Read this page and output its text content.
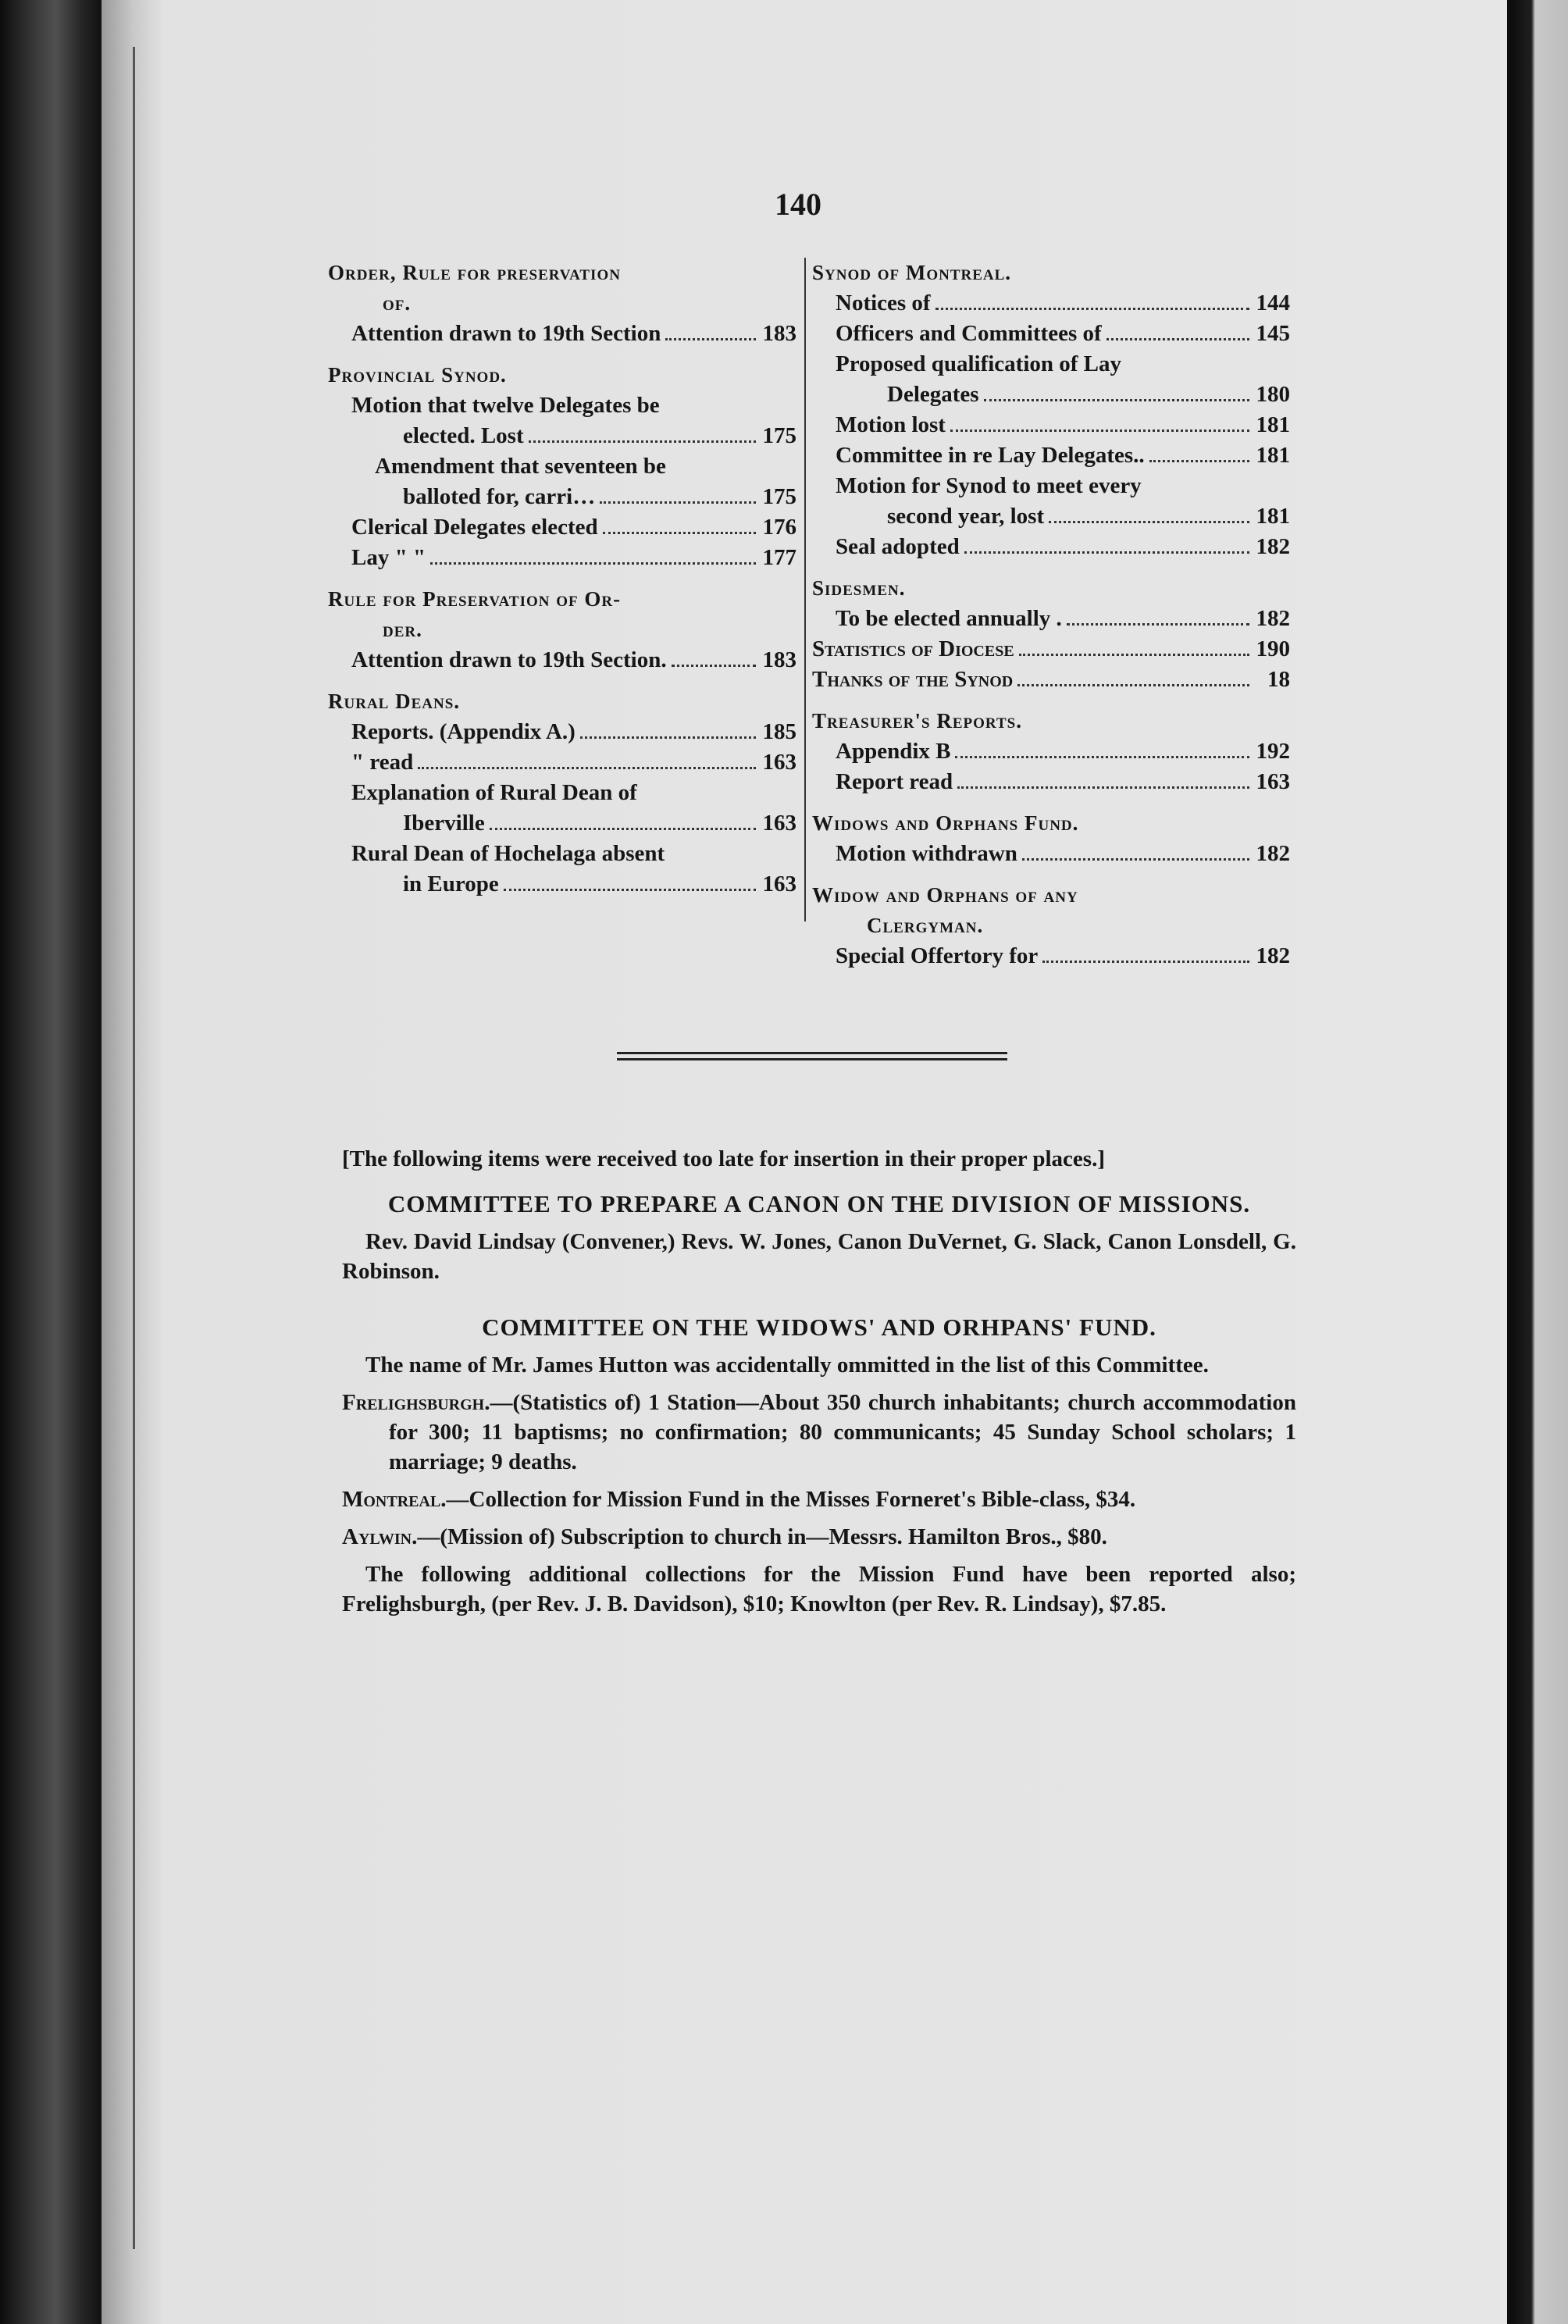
140
Order, Rule for preservation
of.
Attention drawn to 19th Section	183
Provincial Synod.
Motion that twelve Delegates be
elected. Lost	175
Amendment that seventeen be
balloted for, carri…	175
Clerical Delegates elected	176
Lay " "	177
Rule for Preservation of Or-
der.
Attention drawn to 19th Section.	183
Rural Deans.
Reports. (Appendix A.)	185
" read	163
Explanation of Rural Dean of
Iberville	163
Rural Dean of Hochelaga absent
in Europe	163
Synod of Montreal.
Notices of	144
Officers and Committees of	145
Proposed qualification of Lay
Delegates	180
Motion lost	181
Committee in re Lay Delegates..	181
Motion for Synod to meet every
second year, lost	181
Seal adopted	182
Sidesmen.
To be elected annually .	182
Statistics of Diocese	190
Thanks of the Synod	18
Treasurer's Reports.
Appendix B	192
Report read	163
Widows and Orphans Fund.
Motion withdrawn	182
Widow and Orphans of any
Clergyman.
Special Offertory for	182
[The following items were received too late for insertion in their proper places.]
COMMITTEE TO PREPARE A CANON ON THE DIVISION OF MISSIONS.
Rev. David Lindsay (Convener,) Revs. W. Jones, Canon DuVernet, G. Slack, Canon Lonsdell, G. Robinson.
COMMITTEE ON THE WIDOWS' AND ORHPANS' FUND.
The name of Mr. James Hutton was accidentally ommitted in the list of this Committee.
Frelighsburgh.—(Statistics of) 1 Station—About 350 church inhabitants; church accommodation for 300; 11 baptisms; no confirmation; 80 communicants; 45 Sunday School scholars; 1 marriage; 9 deaths.
Montreal.—Collection for Mission Fund in the Misses Forneret's Bible-class, $34.
Aylwin.—(Mission of) Subscription to church in—Messrs. Hamilton Bros., $80.
The following additional collections for the Mission Fund have been reported also; Frelighsburgh, (per Rev. J. B. Davidson), $10; Knowlton (per Rev. R. Lindsay), $7.85.
